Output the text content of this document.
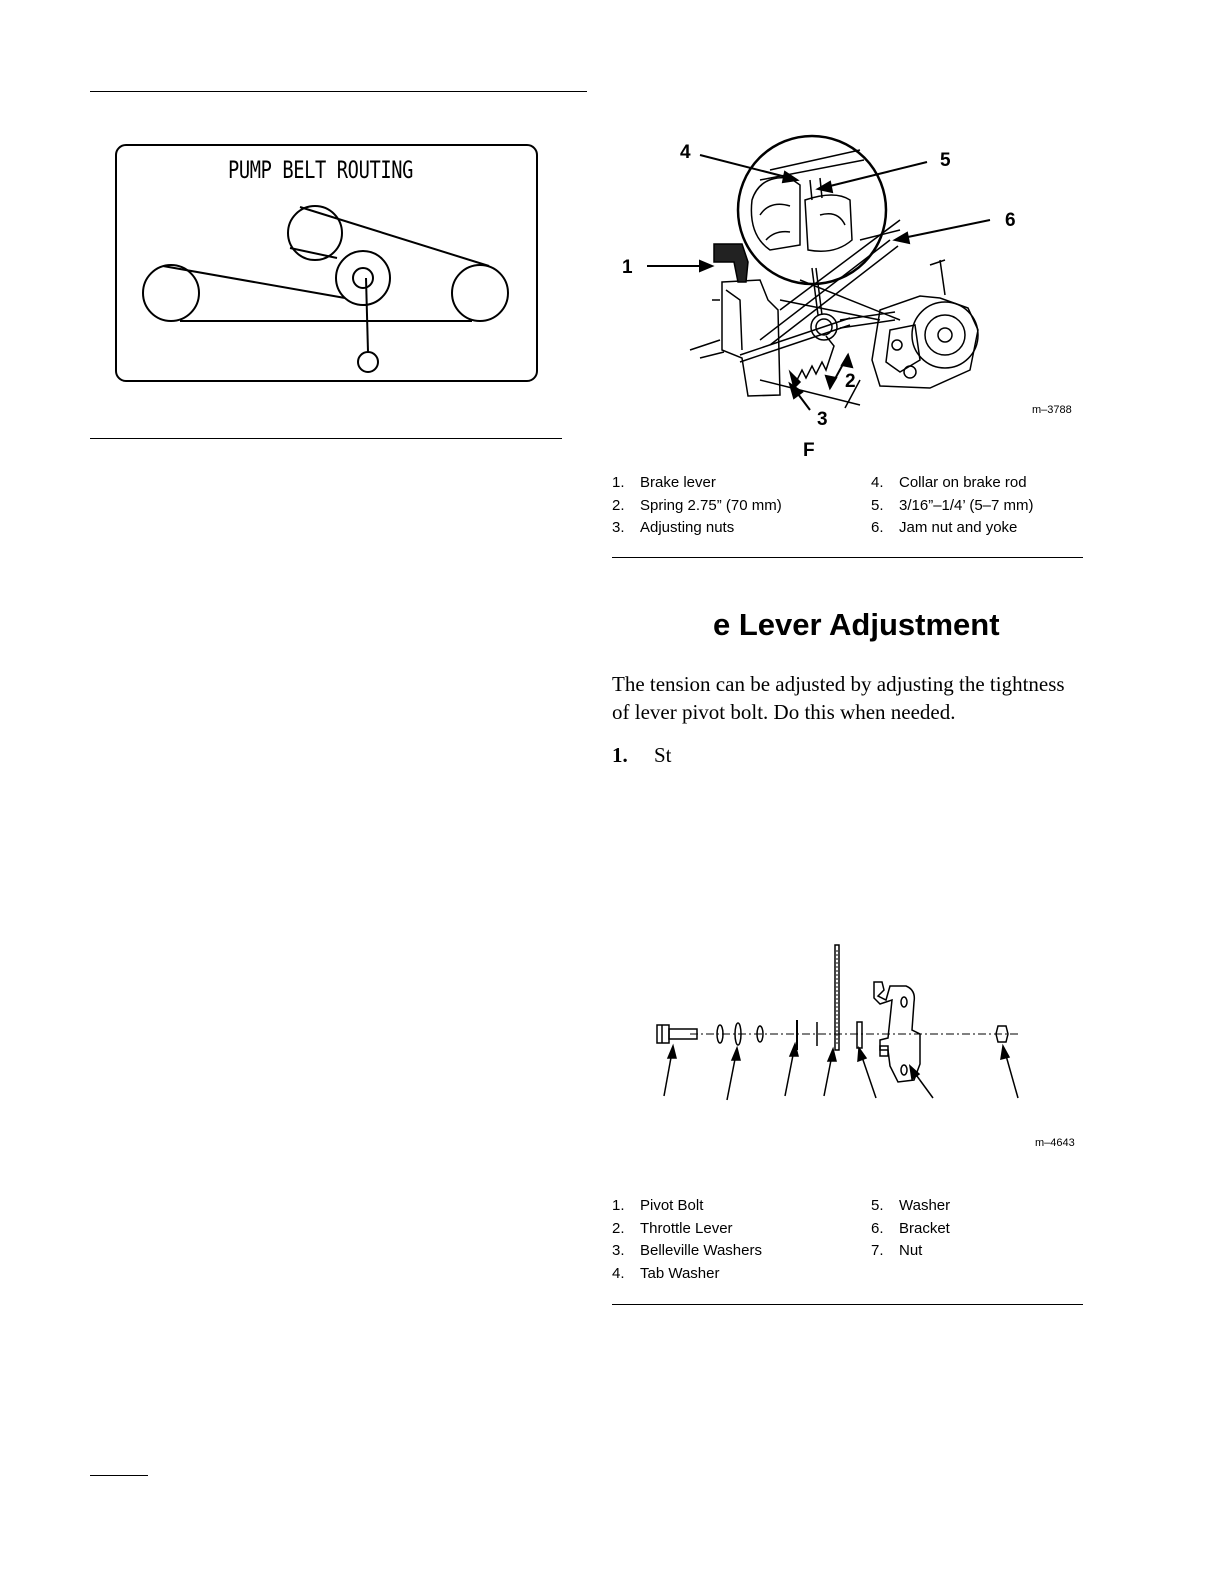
PUMP BELT ROUTING
4	5
6
1
2
3	m–3788
F
1.	Brake lever
2.	Spring 2.75” (70 mm)
3.	Adjusting nuts
4.	Collar on brake rod
5.	3/16”–1/4’ (5–7 mm)
6.	Jam nut and yoke
e Lever Adjustment
The tension can be adjusted by adjusting the tightness
of lever pivot bolt. Do this when needed.
1. St
m–4643
1.	Pivot Bolt
2.	Throttle Lever
3.	Belleville Washers
4.	Tab Washer
5.	Washer
6.	Bracket
7.	Nut
